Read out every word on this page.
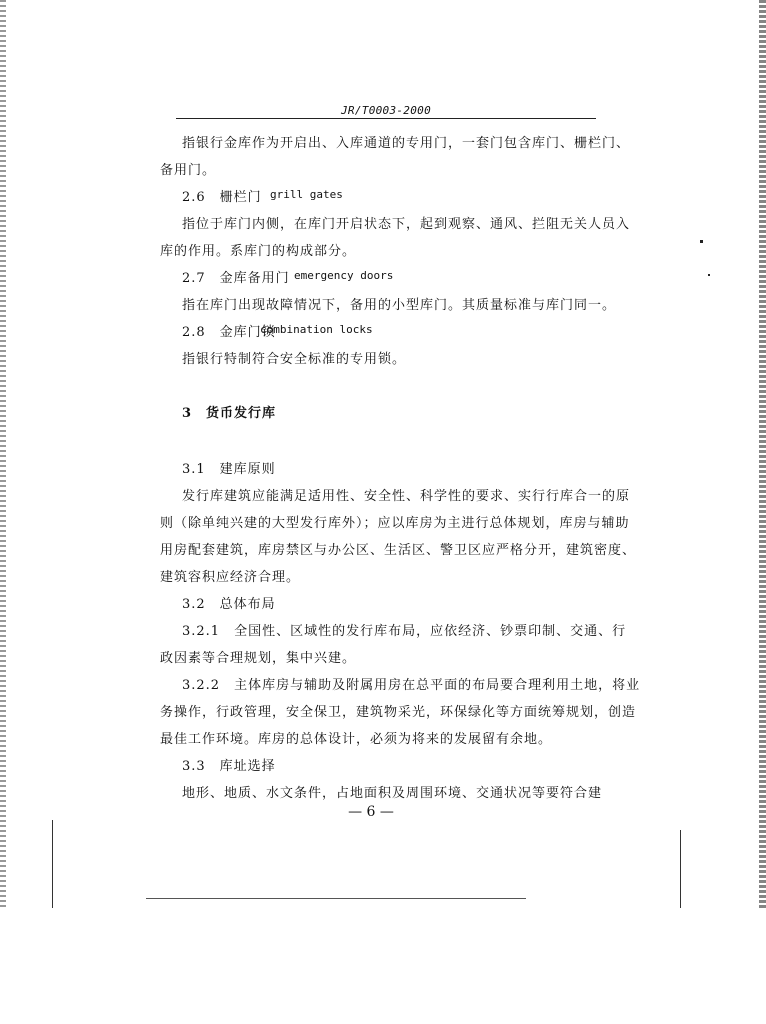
JR/T0003-2000
指银行金库作为开启出、入库通道的专用门，一套门包含库门、栅栏门、
备用门。
2.6　栅栏门 grill gates
指位于库门内侧，在库门开启状态下，起到观察、通风、拦阻无关人员入
库的作用。系库门的构成部分。
2.7　金库备用门 emergency doors
指在库门出现故障情况下，备用的小型库门。其质量标准与库门同一。
2.8　金库门锁
combination locks
指银行特制符合安全标准的专用锁。
3　货币发行库
3.1　建库原则
发行库建筑应能满足适用性、安全性、科学性的要求、实行行库合一的原
则（除单纯兴建的大型发行库外）；应以库房为主进行总体规划，库房与辅助
用房配套建筑，库房禁区与办公区、生活区、警卫区应严格分开，建筑密度、
建筑容积应经济合理。
3.2　总体布局
3.2.1　全国性、区域性的发行库布局，应依经济、钞票印制、交通、行
政因素等合理规划，集中兴建。
3.2.2　主体库房与辅助及附属用房在总平面的布局要合理利用土地，将业
务操作，行政管理，安全保卫，建筑物采光，环保绿化等方面统筹规划，创造
最佳工作环境。库房的总体设计，必须为将来的发展留有余地。
3.3　库址选择
地形、地质、水文条件，占地面积及周围环境、交通状况等要符合建
— 6 —
